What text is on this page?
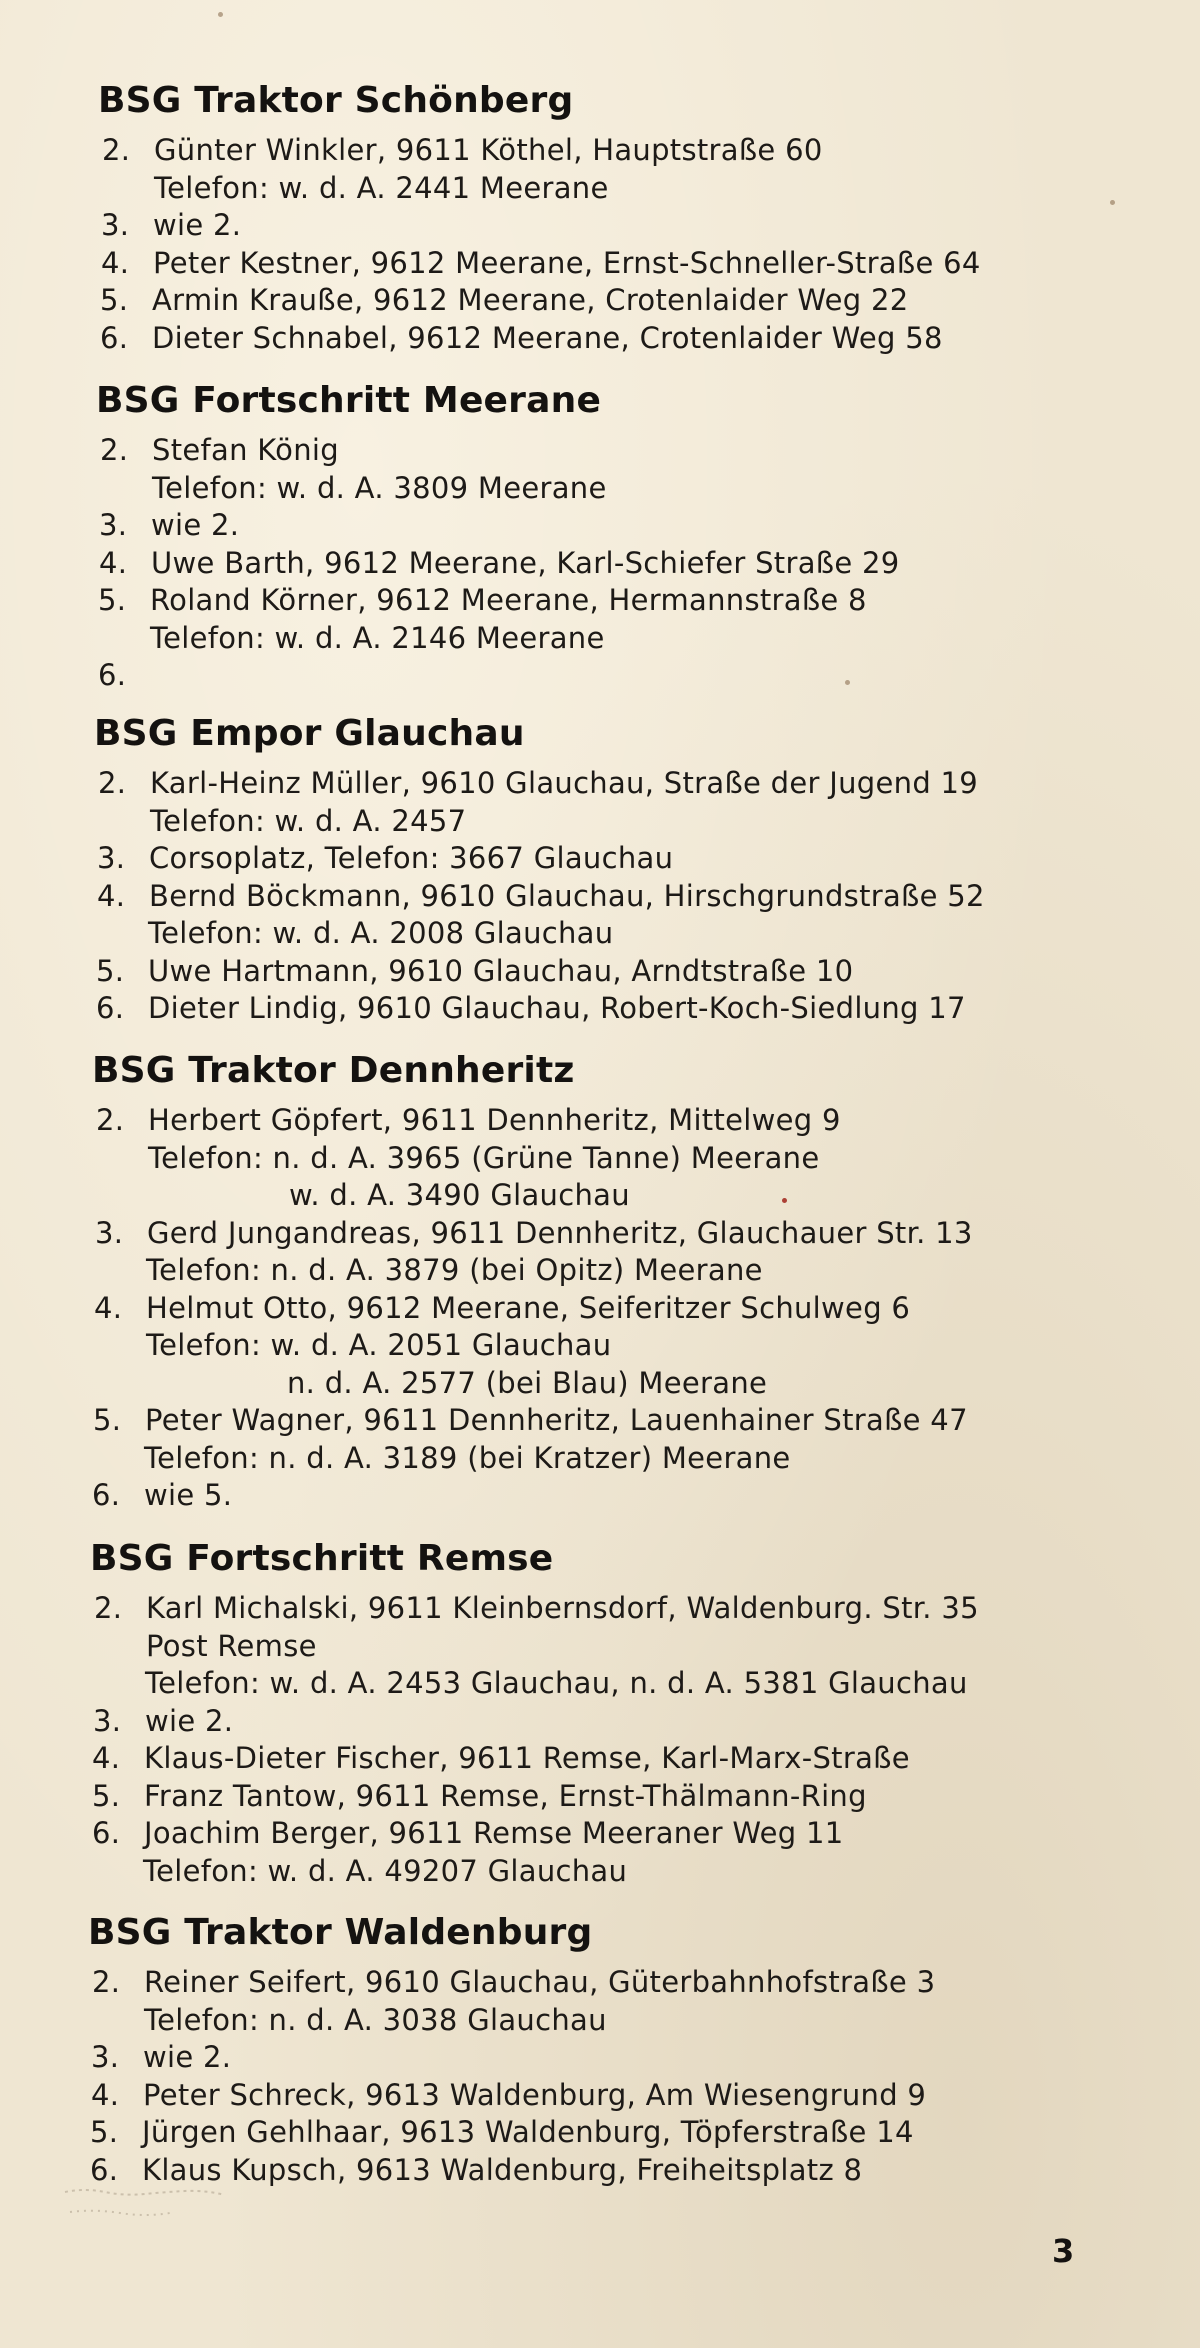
BSG Traktor Schönberg
2. Günter Winkler, 9611 Köthel, Hauptstraße 60
Telefon: w. d. A. 2441 Meerane
3. wie 2.
4. Peter Kestner, 9612 Meerane, Ernst-Schneller-Straße 64
5. Armin Krauße, 9612 Meerane, Crotenlaider Weg 22
6. Dieter Schnabel, 9612 Meerane, Crotenlaider Weg 58
BSG Fortschritt Meerane
2. Stefan König
Telefon: w. d. A. 3809 Meerane
3. wie 2.
4. Uwe Barth, 9612 Meerane, Karl-Schiefer Straße 29
5. Roland Körner, 9612 Meerane, Hermannstraße 8
Telefon: w. d. A. 2146 Meerane
6.
BSG Empor Glauchau
2. Karl-Heinz Müller, 9610 Glauchau, Straße der Jugend 19
Telefon: w. d. A. 2457
3. Corsoplatz, Telefon: 3667 Glauchau
4. Bernd Böckmann, 9610 Glauchau, Hirschgrundstraße 52
Telefon: w. d. A. 2008 Glauchau
5. Uwe Hartmann, 9610 Glauchau, Arndtstraße 10
6. Dieter Lindig, 9610 Glauchau, Robert-Koch-Siedlung 17
BSG Traktor Dennheritz
2. Herbert Göpfert, 9611 Dennheritz, Mittelweg 9
Telefon: n. d. A. 3965 (Grüne Tanne) Meerane
w. d. A. 3490 Glauchau
3. Gerd Jungandreas, 9611 Dennheritz, Glauchauer Str. 13
Telefon: n. d. A. 3879 (bei Opitz) Meerane
4. Helmut Otto, 9612 Meerane, Seiferitzer Schulweg 6
Telefon: w. d. A. 2051 Glauchau
n. d. A. 2577 (bei Blau) Meerane
5. Peter Wagner, 9611 Dennheritz, Lauenhainer Straße 47
Telefon: n. d. A. 3189 (bei Kratzer) Meerane
6. wie 5.
BSG Fortschritt Remse
2. Karl Michalski, 9611 Kleinbernsdorf, Waldenburg. Str. 35
Post Remse
Telefon: w. d. A. 2453 Glauchau, n. d. A. 5381 Glauchau
3. wie 2.
4. Klaus-Dieter Fischer, 9611 Remse, Karl-Marx-Straße
5. Franz Tantow, 9611 Remse, Ernst-Thälmann-Ring
6. Joachim Berger, 9611 Remse Meeraner Weg 11
Telefon: w. d. A. 49207 Glauchau
BSG Traktor Waldenburg
2. Reiner Seifert, 9610 Glauchau, Güterbahnhofstraße 3
Telefon: n. d. A. 3038 Glauchau
3. wie 2.
4. Peter Schreck, 9613 Waldenburg, Am Wiesengrund 9
5. Jürgen Gehlhaar, 9613 Waldenburg, Töpferstraße 14
6. Klaus Kupsch, 9613 Waldenburg, Freiheitsplatz 8
3
